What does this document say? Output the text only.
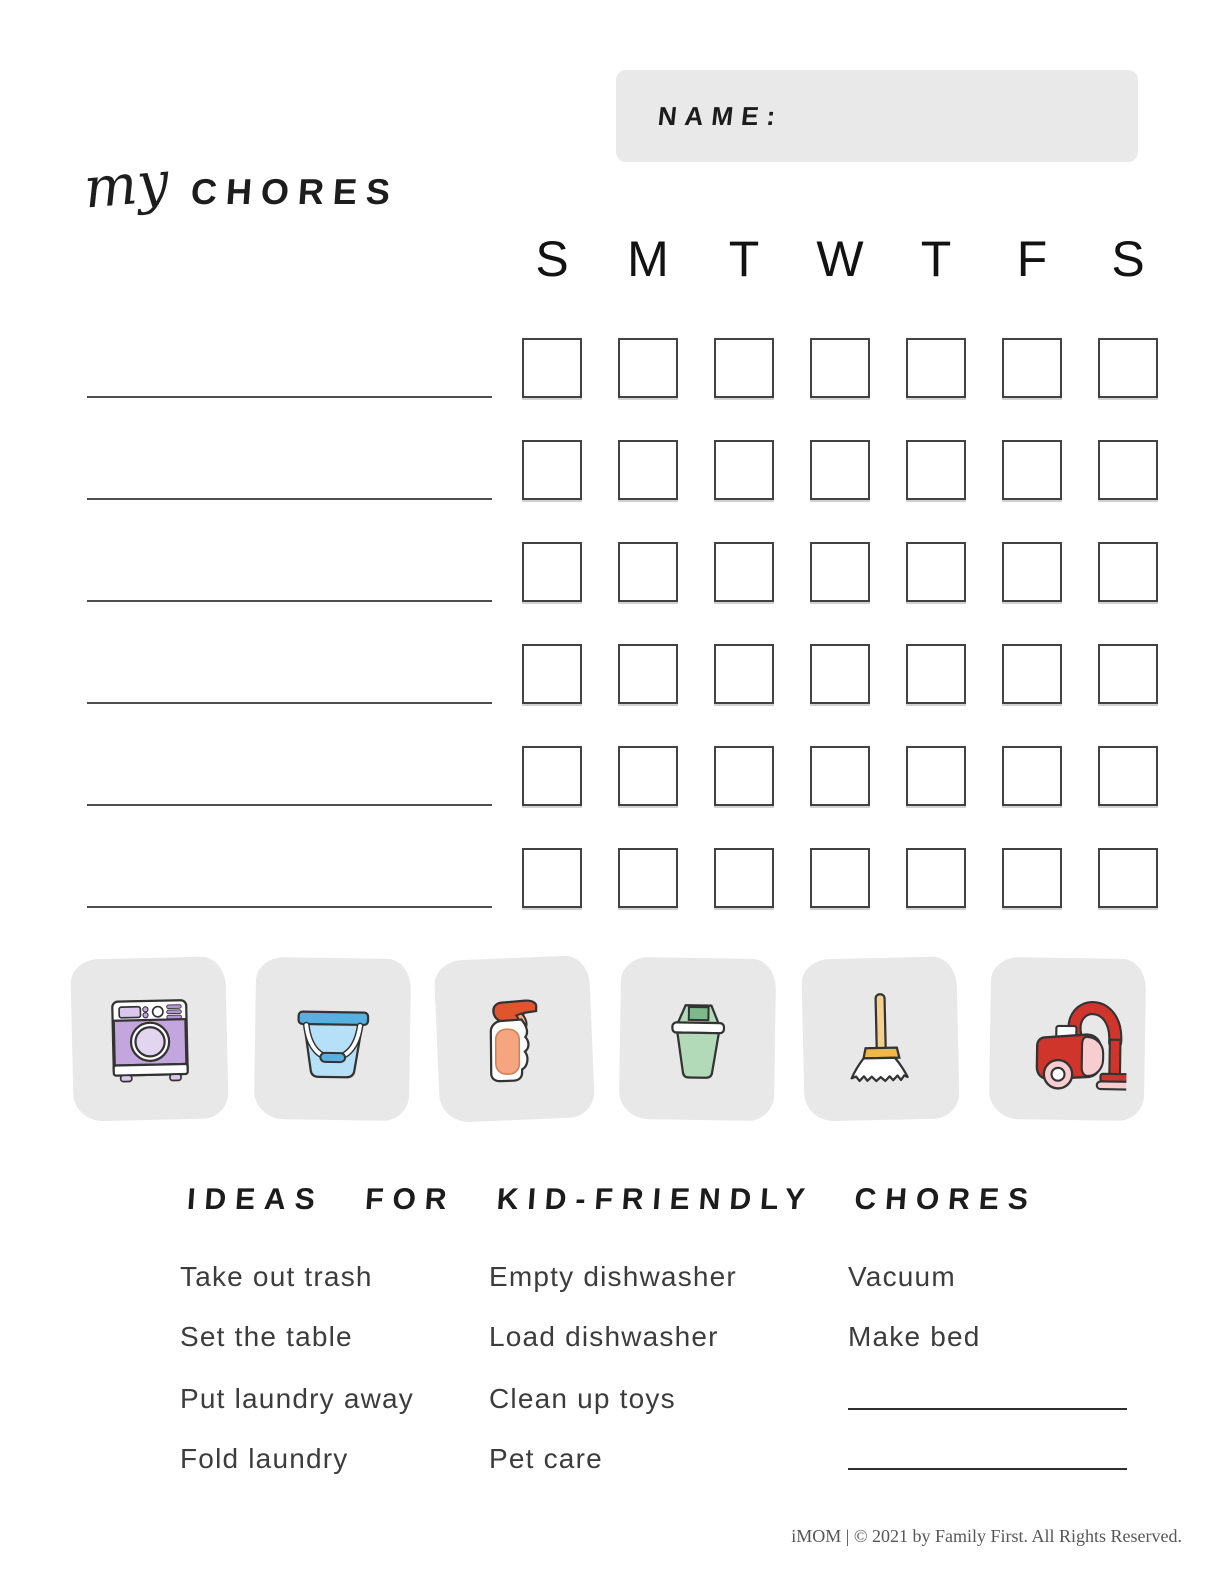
NAME:
my CHORES
S M T W T F S
IDEAS FOR KID-FRIENDLY CHORES
Take out trash
Set the table
Put laundry away
Fold laundry
Empty dishwasher
Load dishwasher
Clean up toys
Pet care
Vacuum
Make bed
iMOM | © 2021 by Family First. All Rights Reserved.
